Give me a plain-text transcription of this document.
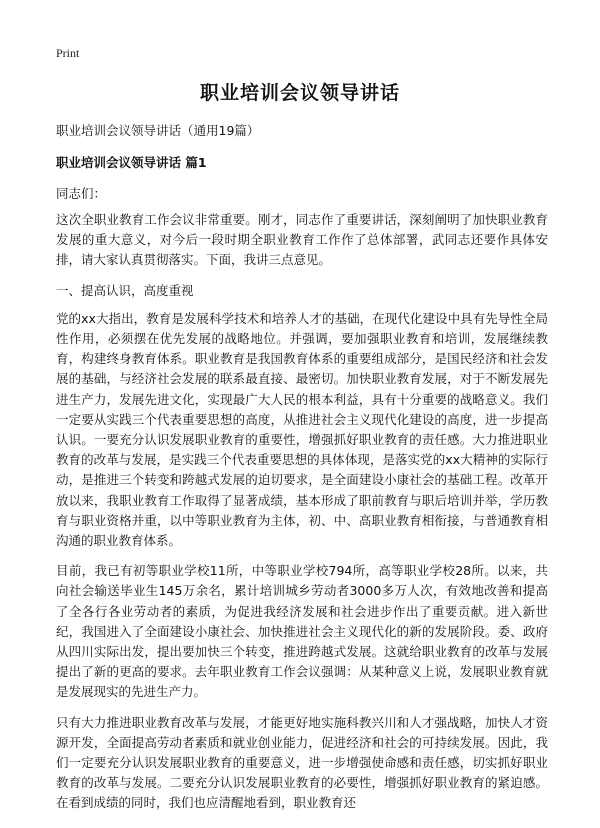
Print
职业培训会议领导讲话
职业培训会议领导讲话（通用19篇）
职业培训会议领导讲话 篇1
同志们：

这次全职业教育工作会议非常重要。刚才，同志作了重要讲话，深刻阐明了加快职业教育发展的重大意义，对今后一段时期全职业教育工作作了总体部署，武同志还要作具体安排，请大家认真贯彻落实。下面，我讲三点意见。

一、提高认识，高度重视

党的xx大指出，教育是发展科学技术和培养人才的基础，在现代化建设中具有先导性全局性作用，必须摆在优先发展的战略地位。并强调，要加强职业教育和培训，发展继续教育，构建终身教育体系。职业教育是我国教育体系的重要组成部分，是国民经济和社会发展的基础，与经济社会发展的联系最直接、最密切。加快职业教育发展，对于不断发展先进生产力，发展先进文化，实现最广大人民的根本利益，具有十分重要的战略意义。我们一定要从实践三个代表重要思想的高度，从推进社会主义现代化建设的高度，进一步提高认识。一要充分认识发展职业教育的重要性，增强抓好职业教育的责任感。大力推进职业教育的改革与发展，是实践三个代表重要思想的具体体现，是落实党的xx大精神的实际行动，是推进三个转变和跨越式发展的迫切要求，是全面建设小康社会的基础工程。改革开放以来，我职业教育工作取得了显著成绩，基本形成了职前教育与职后培训并举，学历教育与职业资格并重，以中等职业教育为主体，初、中、高职业教育相衔接，与普通教育相沟通的职业教育体系。

目前，我已有初等职业学校11所，中等职业学校794所，高等职业学校28所。以来，共向社会输送毕业生145万余名，累计培训城乡劳动者3000多万人次，有效地改善和提高了全各行各业劳动者的素质，为促进我经济发展和社会进步作出了重要贡献。进入新世纪，我国进入了全面建设小康社会、加快推进社会主义现代化的新的发展阶段。委、政府从四川实际出发，提出要加快三个转变，推进跨越式发展。这就给职业教育的改革与发展提出了新的更高的要求。去年职业教育工作会议强调：从某种意义上说，发展职业教育就是发展现实的先进生产力。

只有大力推进职业教育改革与发展，才能更好地实施科教兴川和人才强战略，加快人才资源开发，全面提高劳动者素质和就业创业能力，促进经济和社会的可持续发展。因此，我们一定要充分认识发展职业教育的重要意义，进一步增强使命感和责任感，切实抓好职业教育的改革与发展。二要充分认识发展职业教育的必要性，增强抓好职业教育的紧迫感。在看到成绩的同时，我们也应清醒地看到，职业教育还
